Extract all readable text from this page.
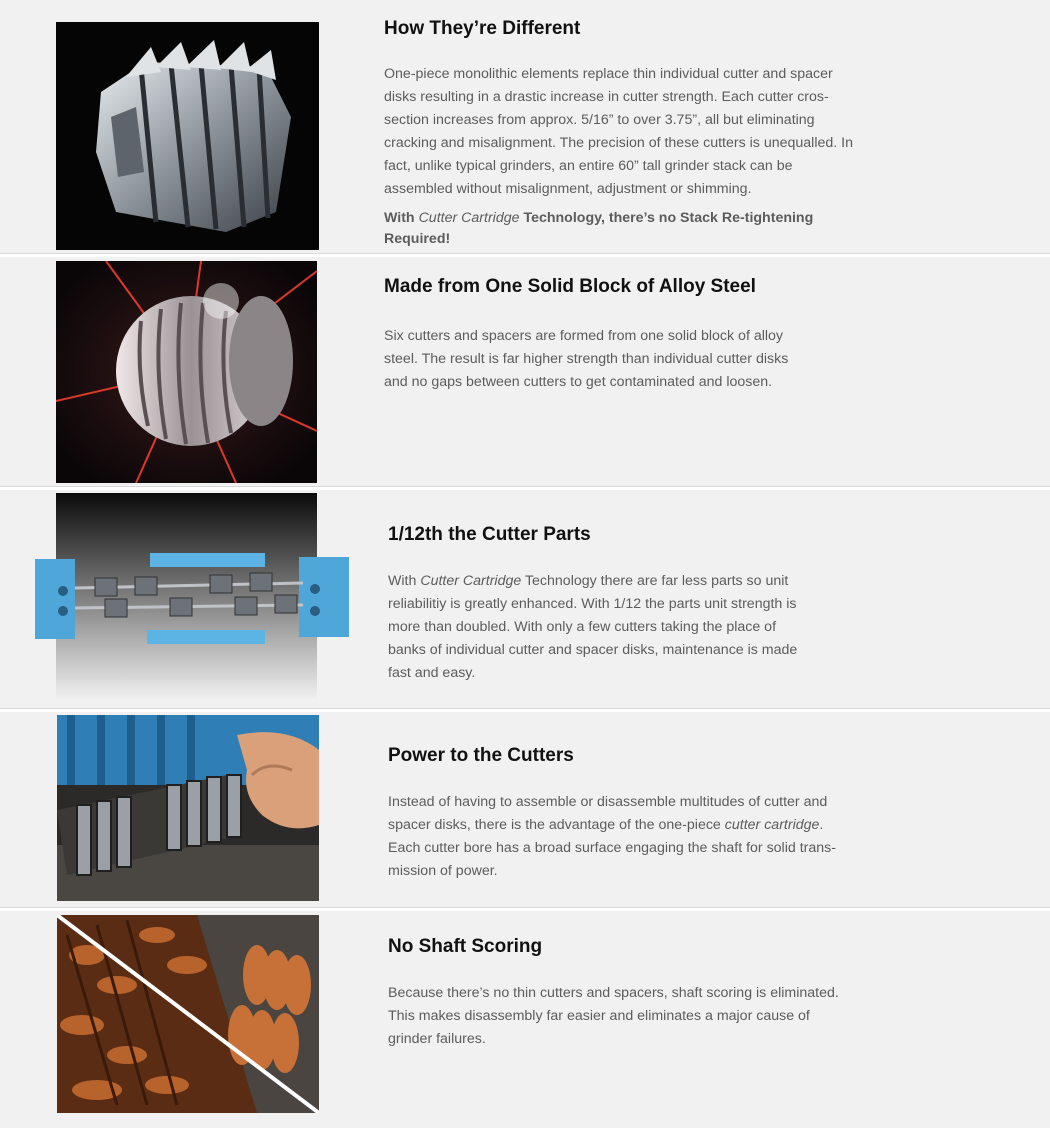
How They’re Different

One-piece monolithic elements replace thin individual cutter and spacer disks resulting in a drastic increase in cutter strength. Each cutter cros-section increases from approx. 5/16” to over 3.75”, all but eliminating cracking and misalignment. The precision of these cutters is unequalled. In fact, unlike typical grinders, an entire 60” tall grinder stack can be assembled without misalignment, adjustment or shimming.

With Cutter Cartridge Technology, there’s no Stack Re-tightening Required!

Made from One Solid Block of Alloy Steel

Six cutters and spacers are formed from one solid block of alloy steel. The result is far higher strength than individual cutter disks and no gaps between cutters to get contaminated and loosen.

1/12th the Cutter Parts

With Cutter Cartridge Technology there are far less parts so unit reliabilitiy is greatly enhanced. With 1/12 the parts unit strength is more than doubled. With only a few cutters taking the place of banks of individual cutter and spacer disks, maintenance is made fast and easy.

Power to the Cutters

Instead of having to assemble or disassemble multitudes of cutter and spacer disks, there is the advantage of the one-piece cutter cartridge. Each cutter bore has a broad surface engaging the shaft for solid trans-mission of power.

No Shaft Scoring

Because there’s no thin cutters and spacers, shaft scoring is eliminated. This makes disassembly far easier and eliminates a major cause of grinder failures.
